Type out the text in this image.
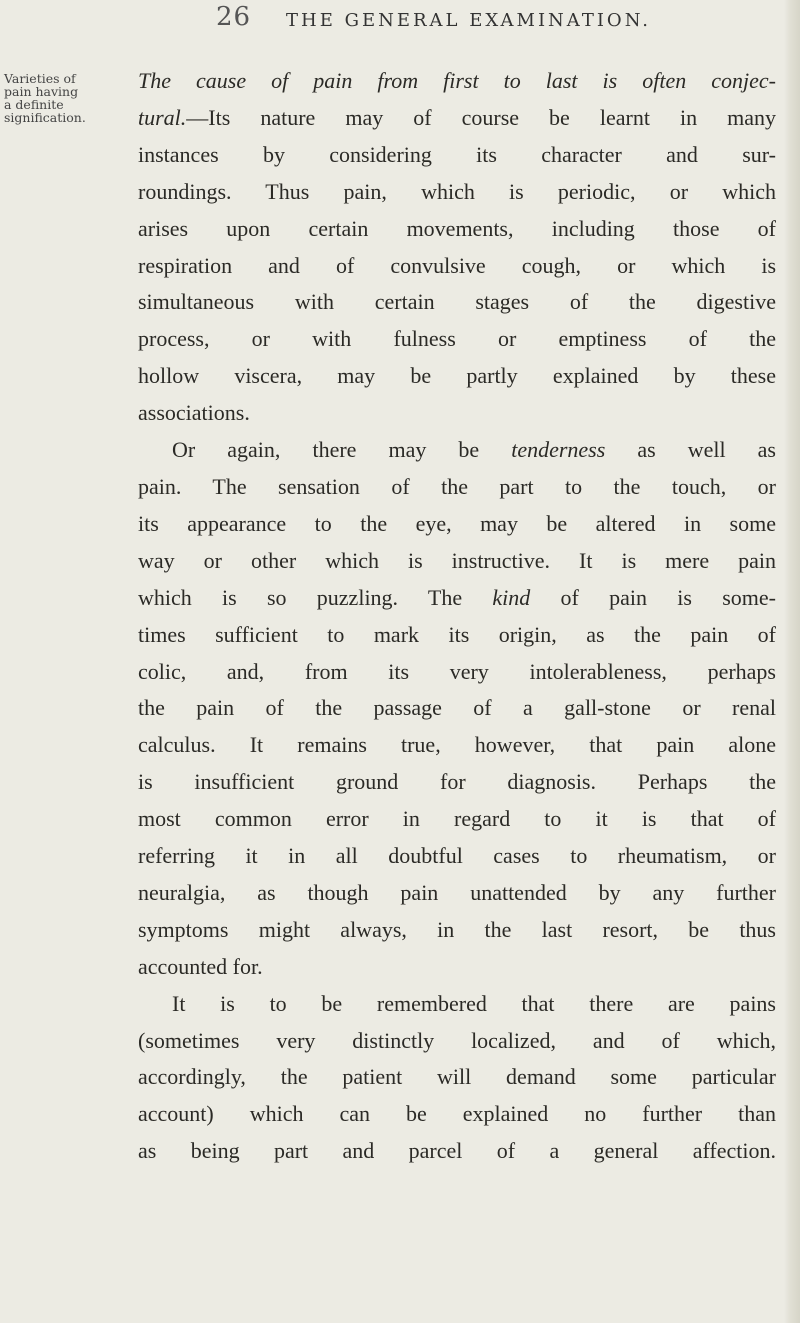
26 THE GENERAL EXAMINATION.
Varieties of
pain having
a definite
signification.
The cause of pain from first to last is often conjec-
tural.—Its nature may of course be learnt in many
instances by considering its character and sur-
roundings. Thus pain, which is periodic, or which
arises upon certain movements, including those of
respiration and of convulsive cough, or which is
simultaneous with certain stages of the digestive
process, or with fulness or emptiness of the
hollow viscera, may be partly explained by these
associations.
Or again, there may be tenderness as well as
pain. The sensation of the part to the touch, or
its appearance to the eye, may be altered in some
way or other which is instructive. It is mere pain
which is so puzzling. The kind of pain is some-
times sufficient to mark its origin, as the pain of
colic, and, from its very intolerableness, perhaps
the pain of the passage of a gall-stone or renal
calculus. It remains true, however, that pain alone
is insufficient ground for diagnosis. Perhaps the
most common error in regard to it is that of
referring it in all doubtful cases to rheumatism, or
neuralgia, as though pain unattended by any further
symptoms might always, in the last resort, be thus
accounted for.
It is to be remembered that there are pains
(sometimes very distinctly localized, and of which,
accordingly, the patient will demand some particular
account) which can be explained no further than
as being part and parcel of a general affection.
